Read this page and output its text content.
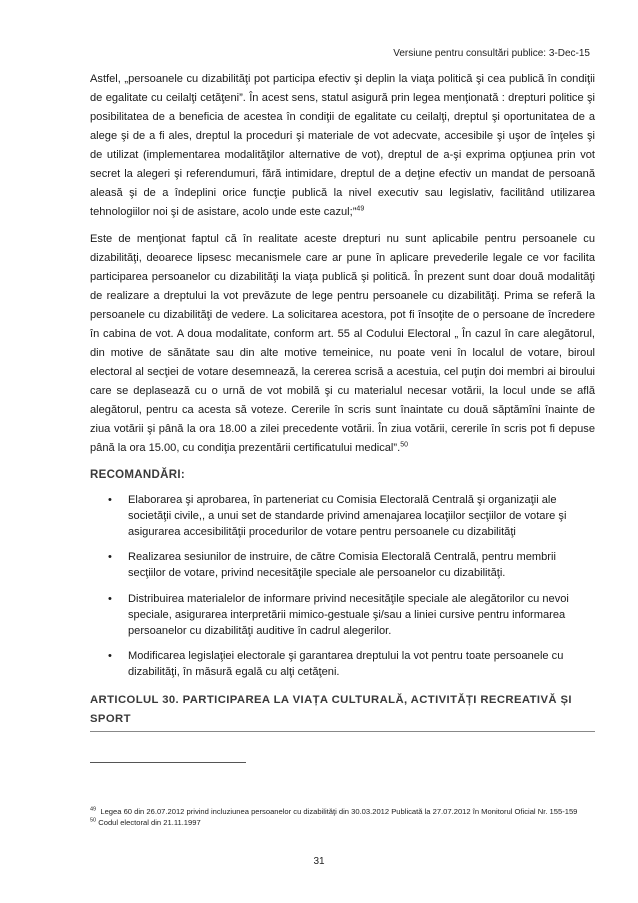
Versiune pentru consultări publice: 3-Dec-15

Astfel, „persoanele cu dizabilităţi pot participa efectiv şi deplin la viaţa politică şi cea publică în condiţii de egalitate cu ceilalţi cetăţeni”. În acest sens, statul asigură prin legea menţionată : drepturi politice şi posibilitatea de a beneficia de acestea în condiţii de egalitate cu ceilalţi, dreptul şi oportunitatea de a alege şi de a fi ales, dreptul la proceduri şi materiale de vot adecvate, accesibile şi uşor de înţeles şi de utilizat (implementarea modalităţilor alternative de vot), dreptul de a-şi exprima opţiunea prin vot secret la alegeri şi referendumuri, fără intimidare, dreptul de a deţine efectiv un mandat de persoană aleasă şi de a îndeplini orice funcţie publică la nivel executiv sau legislativ, facilitând utilizarea tehnologiilor noi şi de asistare, acolo unde este cazul;”$^{49}$

Este de menţionat faptul că în realitate aceste drepturi nu sunt aplicabile pentru persoanele cu dizabilităţi, deoarece lipsesc mecanismele care ar pune în aplicare prevederile legale ce vor facilita participarea persoanelor cu dizabilităţi la viaţa publică şi politică. În prezent sunt doar două modalităţi de realizare a dreptului la vot prevăzute de lege pentru persoanele cu dizabilităţi. Prima se referă la persoanele cu dizabilităţi de vedere. La solicitarea acestora, pot fi însoţite de o persoane de încredere în cabina de vot. A doua modalitate, conform art. 55 al Codului Electoral „ În cazul în care alegătorul, din motive de sănătate sau din alte motive temeinice, nu poate veni în localul de votare, biroul electoral al secţiei de votare desemnează, la cererea scrisă a acestuia, cel puţin doi membri ai biroului care se deplasează cu o urnă de vot mobilă şi cu materialul necesar votării, la locul unde se află alegătorul, pentru ca acesta să voteze. Cererile în scris sunt înaintate cu două săptămîni înainte de ziua votării şi până la ora 18.00 a zilei precedente votării. În ziua votării, cererile în scris pot fi depuse până la ora 15.00, cu condiţia prezentării certificatului medical”.$^{50}$

RECOMANDĂRI:
• Elaborarea şi aprobarea, în parteneriat cu Comisia Electorală Centrală şi organizaţii ale societăţii civile,, a unui set de standarde privind amenajarea locaţiilor secţiilor de votare şi asigurarea accesibilităţii procedurilor de votare pentru persoanele cu dizabilităţi
• Realizarea sesiunilor de instruire, de către Comisia Electorală Centrală, pentru membrii secţiilor de votare, privind necesităţile speciale ale persoanelor cu dizabilităţi.
• Distribuirea materialelor de informare privind necesităţile speciale ale alegătorilor cu nevoi speciale, asigurarea interpretării mimico-gestuale şi/sau a liniei cursive pentru informarea persoanelor cu dizabilităţi auditive în cadrul alegerilor.
• Modificarea legislaţiei electorale şi garantarea dreptului la vot pentru toate persoanele cu dizabilităţi, în măsură egală cu alţi cetăţeni.
ARTICOLUL 30. PARTICIPAREA LA VIAȚA CULTURALĂ, ACTIVITĂȚI RECREATIVĂ ȘI SPORT
$^{49}$ Legea 60 din 26.07.2012 privind incluziunea persoanelor cu dizabilităţi din 30.03.2012 Publicată la 27.07.2012 în Monitorul Oficial Nr. 155-159
$^{50}$ Codul electoral din 21.11.1997
31
